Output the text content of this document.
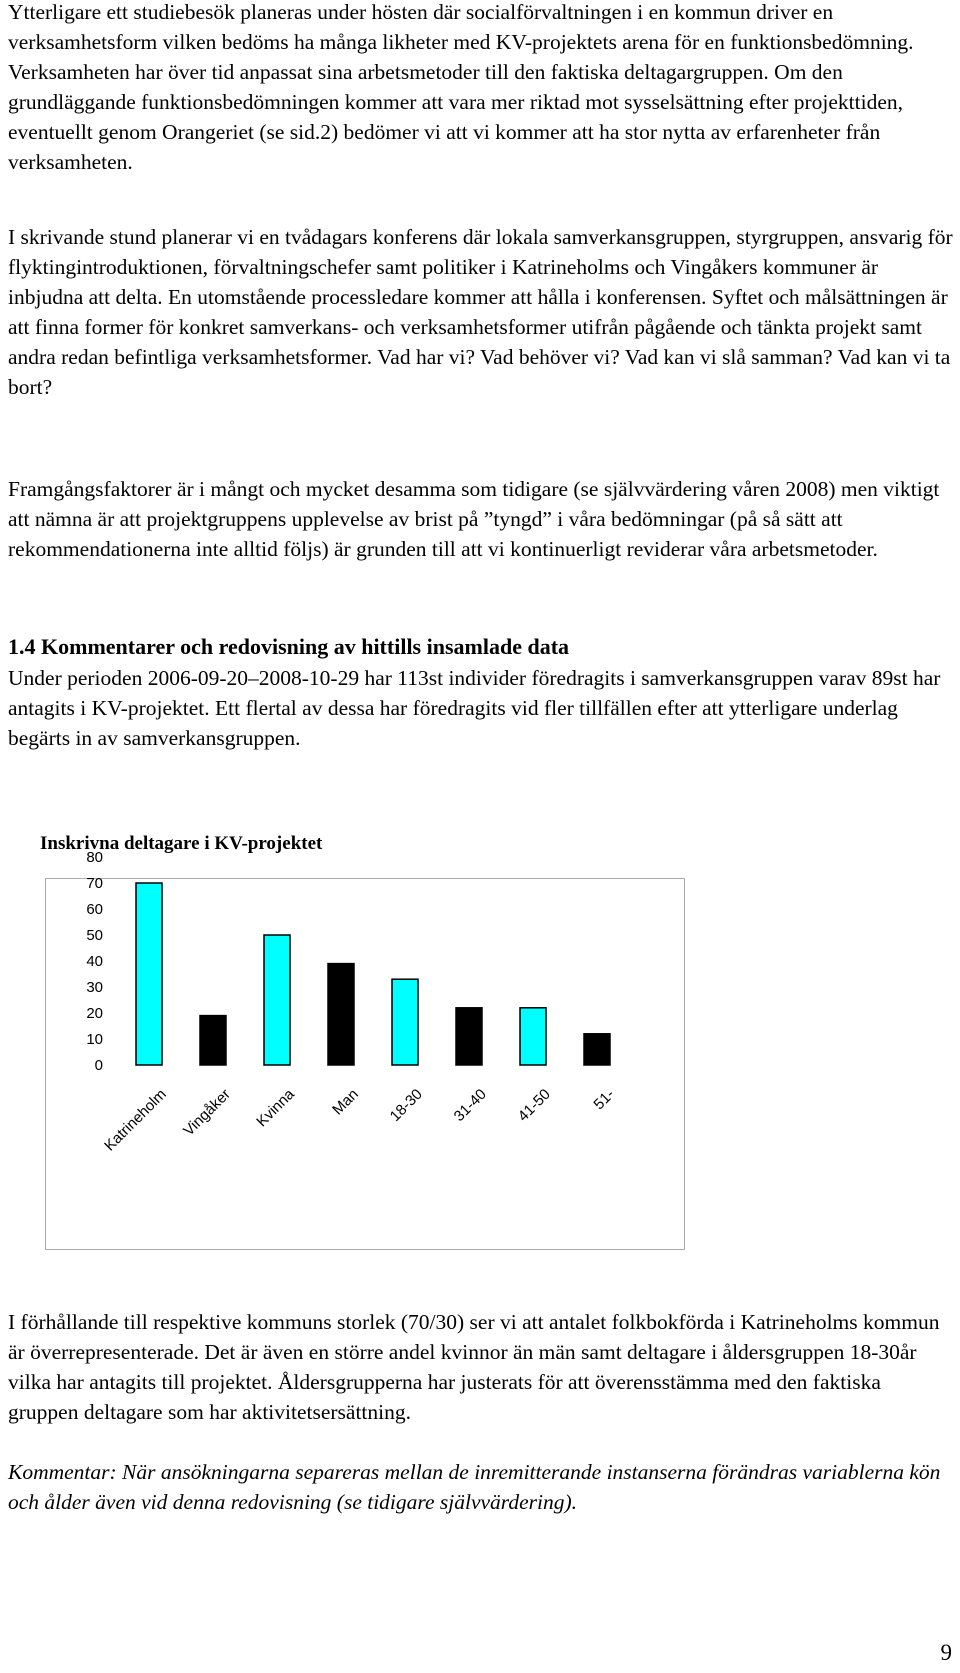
Ytterligare ett studiebesök planeras under hösten där socialförvaltningen i en kommun driver en verksamhetsform vilken bedöms ha många likheter med KV-projektets arena för en funktionsbedömning. Verksamheten har över tid anpassat sina arbetsmetoder till den faktiska deltagargruppen. Om den grundläggande funktionsbedömningen kommer att vara mer riktad mot sysselsättning efter projekttiden, eventuellt genom Orangeriet (se sid.2) bedömer vi att vi kommer att ha stor nytta av erfarenheter från verksamheten.

I skrivande stund planerar vi en tvådagars konferens där lokala samverkansgruppen, styrgruppen, ansvarig för flyktingintroduktionen, förvaltningschefer samt politiker i Katrineholms och Vingåkers kommuner är inbjudna att delta. En utomstående processledare kommer att hålla i konferensen. Syftet och målsättningen är att finna former för konkret samverkans- och verksamhetsformer utifrån pågående och tänkta projekt samt andra redan befintliga verksamhetsformer. Vad har vi? Vad behöver vi? Vad kan vi slå samman? Vad kan vi ta bort?

Framgångsfaktorer är i mångt och mycket desamma som tidigare (se självvärdering våren 2008) men viktigt att nämna är att projektgruppens upplevelse av brist på ”tyngd” i våra bedömningar (på så sätt att rekommendationerna inte alltid följs) är grunden till att vi kontinuerligt reviderar våra arbetsmetoder.

1.4 Kommentarer och redovisning av hittills insamlade data

Under perioden 2006-09-20–2008-10-29 har 113st individer föredragits i samverkansgruppen varav 89st har antagits i KV-projektet. Ett flertal av dessa har föredragits vid fler tillfällen efter att ytterligare underlag begärts in av samverkansgruppen.

Inskrivna deltagare i KV-projektet

80
70
60
50
40
30
20
10
0
Katrineholm Vingåker Kvinna Man 18-30 31-40 41-50 51-

I förhållande till respektive kommuns storlek (70/30) ser vi att antalet folkbokförda i Katrineholms kommun är överrepresenterade. Det är även en större andel kvinnor än män samt deltagare i åldersgruppen 18-30år vilka har antagits till projektet. Åldersgrupperna har justerats för att överensstämma med den faktiska gruppen deltagare som har aktivitetsersättning.

Kommentar: När ansökningarna separeras mellan de inremitterande instanserna förändras variablerna kön och ålder även vid denna redovisning (se tidigare självvärdering).

9
